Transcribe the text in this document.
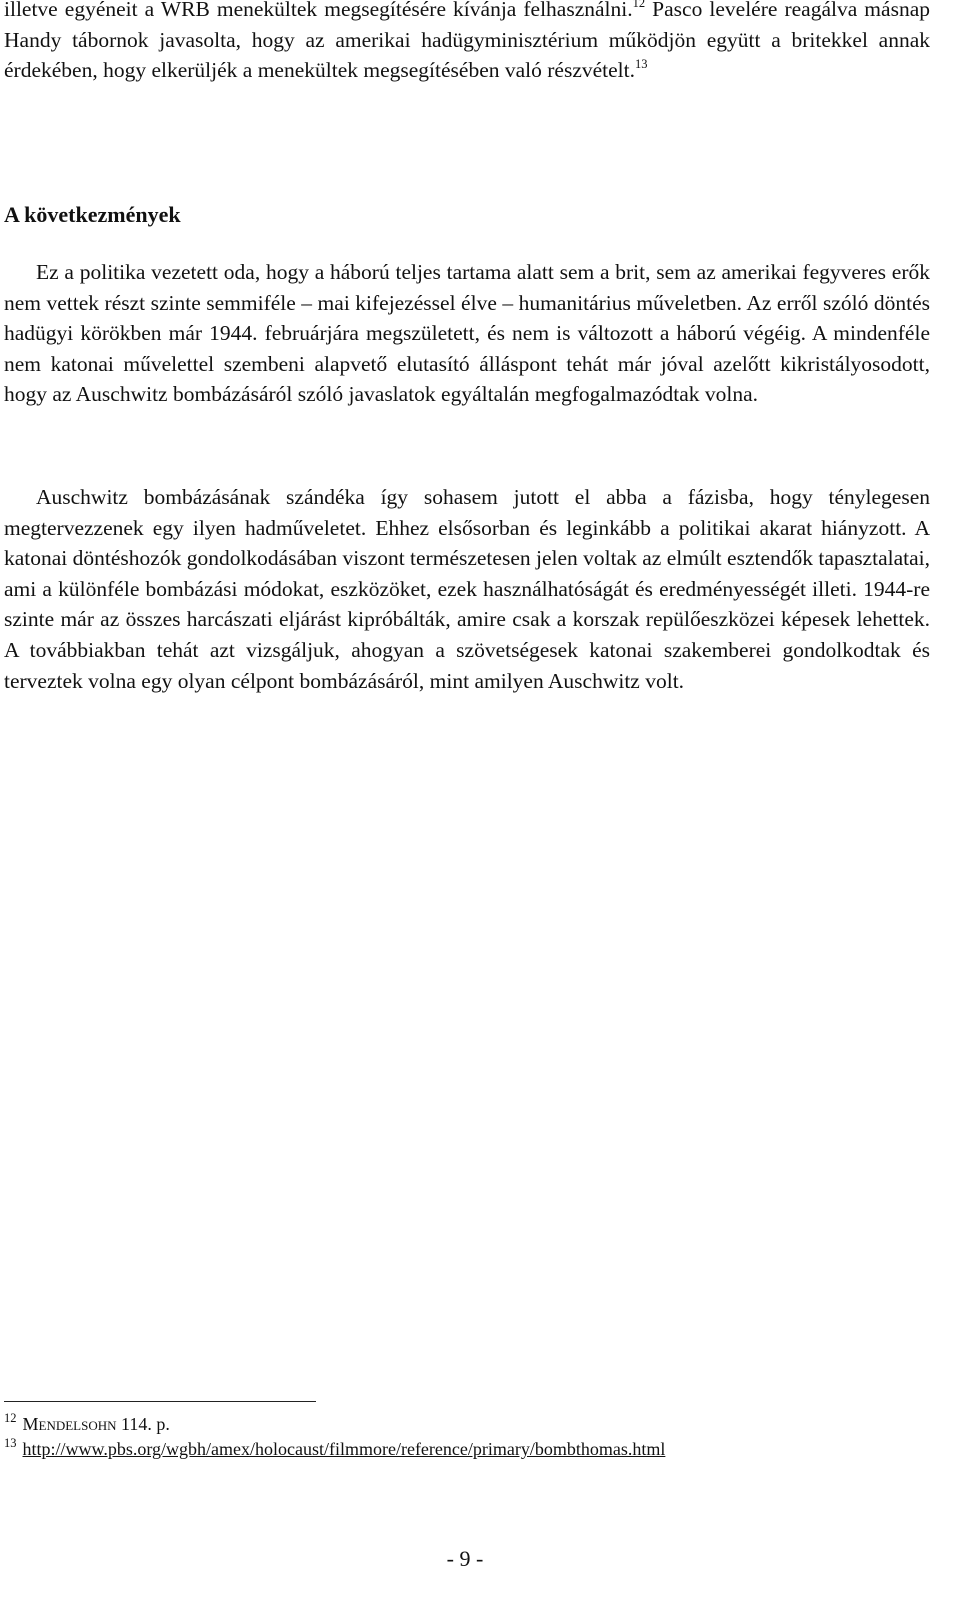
illetve egyéneit a WRB menekültek megsegítésére kívánja felhasználni.$^{12}$ Pasco levelére reagálva másnap Handy tábornok javasolta, hogy az amerikai hadügyminisztérium működjön együtt a britekkel annak érdekében, hogy elkerüljék a menekültek megsegítésében való részvételt.$^{13}$

A következmények

Ez a politika vezetett oda, hogy a háború teljes tartama alatt sem a brit, sem az amerikai fegyveres erők nem vettek részt szinte semmiféle – mai kifejezéssel élve – humanitárius műveletben. Az erről szóló döntés hadügyi körökben már 1944. februárjára megszületett, és nem is változott a háború végéig. A mindenféle nem katonai művelettel szembeni alapvető elutasító álláspont tehát már jóval azelőtt kikristályosodott, hogy az Auschwitz bombázásáról szóló javaslatok egyáltalán megfogalmazódtak volna.

Auschwitz bombázásának szándéka így sohasem jutott el abba a fázisba, hogy ténylegesen megtervezzenek egy ilyen hadműveletet. Ehhez elsősorban és leginkább a politikai akarat hiányzott. A katonai döntéshozók gondolkodásában viszont természetesen jelen voltak az elmúlt esztendők tapasztalatai, ami a különféle bombázási módokat, eszközöket, ezek használhatóságát és eredményességét illeti. 1944-re szinte már az összes harcászati eljárást kipróbálták, amire csak a korszak repülőeszközei képesek lehettek. A továbbiakban tehát azt vizsgáljuk, ahogyan a szövetségesek katonai szakemberei gondolkodtak és terveztek volna egy olyan célpont bombázásáról, mint amilyen Auschwitz volt.

$^{12}$ Mendelsohn 114. p.

$^{13}$ http://www.pbs.org/wgbh/amex/holocaust/filmmore/reference/primary/bombthomas.html

- 9 -
